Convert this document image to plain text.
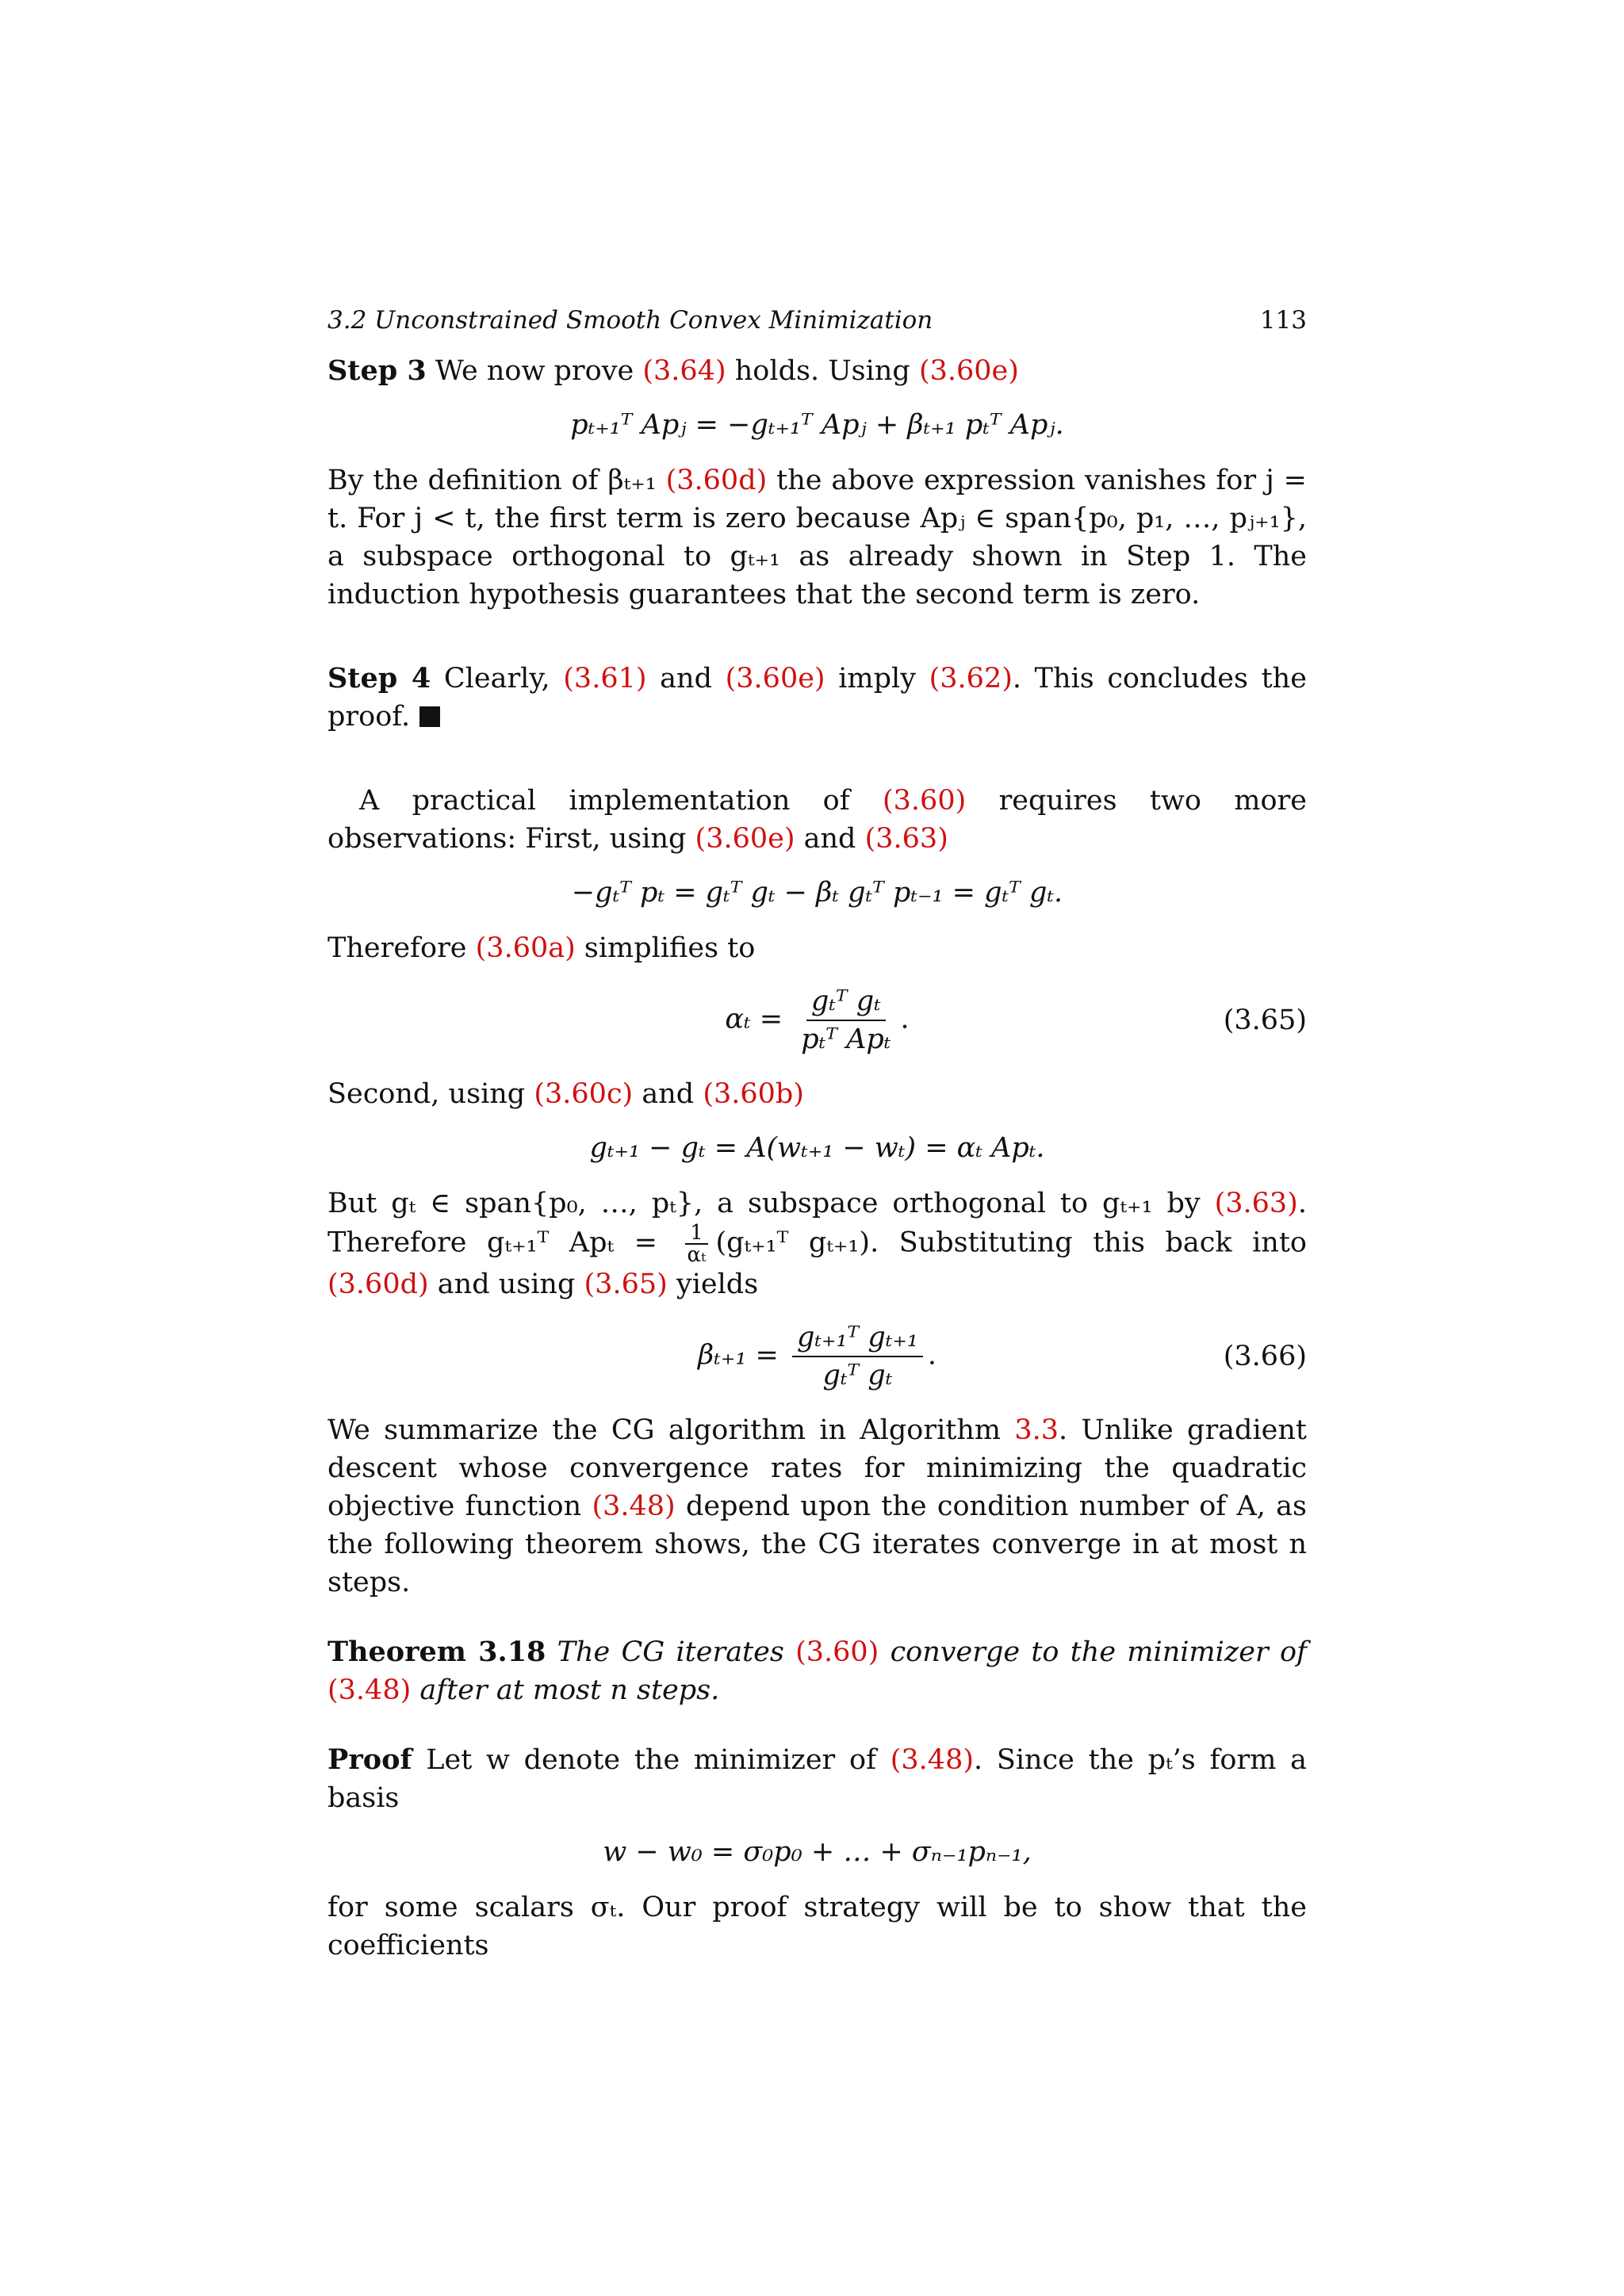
3.2 Unconstrained Smooth Convex Minimization	113

Step 3 We now prove (3.64) holds. Using (3.60e)

pₜ₊₁ᵀ Apⱼ = −gₜ₊₁ᵀ Apⱼ + βₜ₊₁ pₜᵀ Apⱼ.

By the definition of βₜ₊₁ (3.60d) the above expression vanishes for j = t. For j < t, the first term is zero because Apⱼ ∈ span{p₀, p₁, …, pⱼ₊₁}, a subspace orthogonal to gₜ₊₁ as already shown in Step 1. The induction hypothesis guarantees that the second term is zero.

Step 4 Clearly, (3.61) and (3.60e) imply (3.62). This concludes the proof.

A practical implementation of (3.60) requires two more observations: First, using (3.60e) and (3.63)

−gₜᵀ pₜ = gₜᵀ gₜ − βₜ gₜᵀ pₜ₋₁ = gₜᵀ gₜ.

Therefore (3.60a) simplifies to

$\alpha_t = \frac{\text{gₜᵀ gₜ}}{\text{pₜᵀ Apₜ}}$ .	(3.65)

Second, using (3.60c) and (3.60b)

gₜ₊₁ − gₜ = A(wₜ₊₁ − wₜ) = αₜ Apₜ.

But gₜ ∈ span{p₀, …, pₜ}, a subspace orthogonal to gₜ₊₁ by (3.63). Therefore gₜ₊₁ᵀ $Ap_t = \frac{1}{\text{αₜ}}$ (gₜ₊₁ᵀ gₜ₊₁). Substituting this back into (3.60d) and using (3.65) yields

$\beta_{t+1} = \frac{\text{gₜ₊₁ᵀ gₜ₊₁}}{\text{gₜᵀ gₜ}}$ .	(3.66)

We summarize the CG algorithm in Algorithm 3.3. Unlike gradient descent whose convergence rates for minimizing the quadratic objective function (3.48) depend upon the condition number of A, as the following theorem shows, the CG iterates converge in at most n steps.

Theorem 3.18 The CG iterates (3.60) converge to the minimizer of (3.48) after at most n steps.

Proof Let w denote the minimizer of (3.48). Since the pₜ’s form a basis

w − w₀ = σ₀p₀ + … + σₙ₋₁pₙ₋₁,

for some scalars σₜ. Our proof strategy will be to show that the coefficients
